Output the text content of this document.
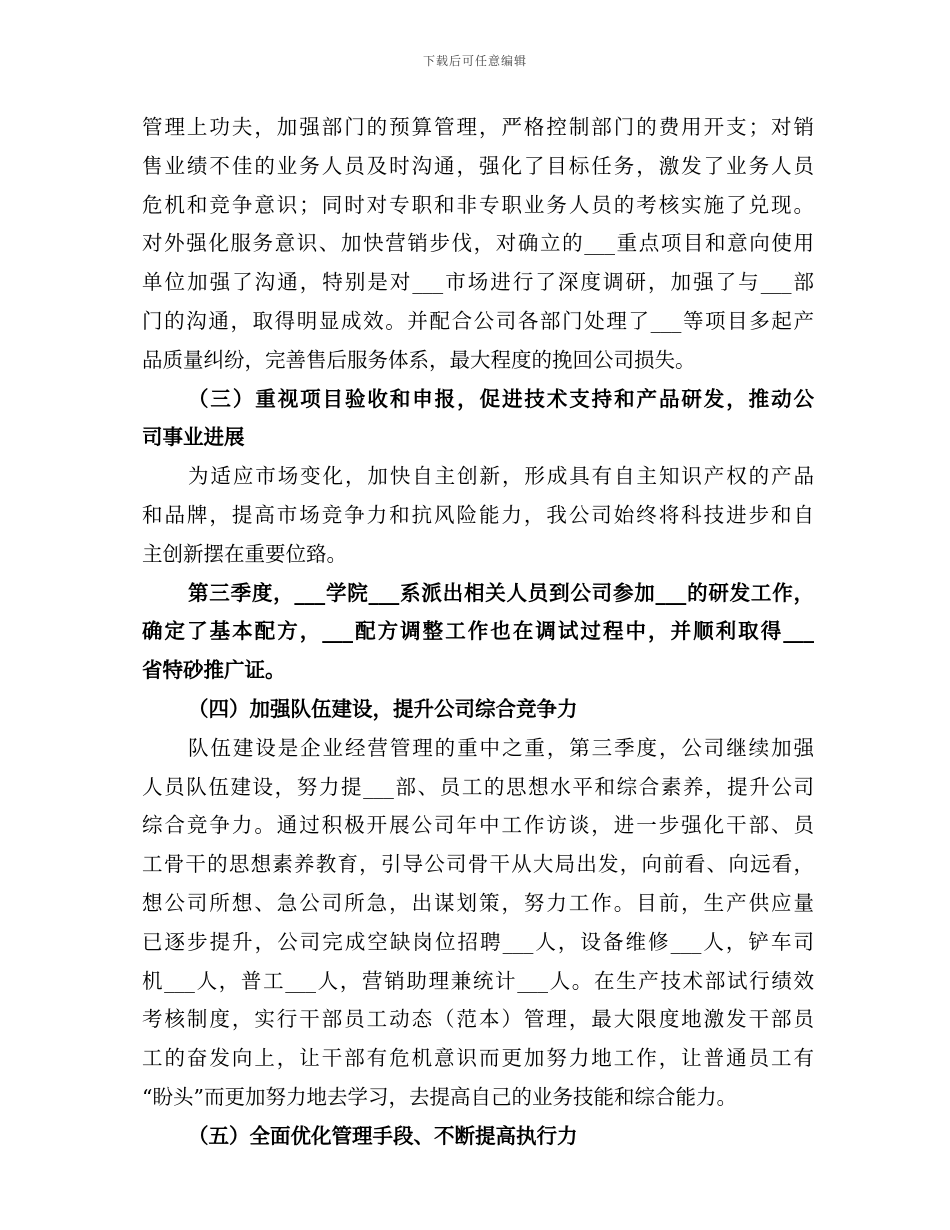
下载后可任意编辑
管理上功夫，加强部门的预算管理，严格控制部门的费用开支；对销
售业绩不佳的业务人员及时沟通，强化了目标任务，激发了业务人员
危机和竞争意识；同时对专职和非专职业务人员的考核实施了兑现。
对外强化服务意识、加快营销步伐，对确立的___重点项目和意向使用
单位加强了沟通，特别是对___市场进行了深度调研，加强了与___部
门的沟通，取得明显成效。并配合公司各部门处理了___等项目多起产
品质量纠纷，完善售后服务体系，最大程度的挽回公司损失。
（三）重视项目验收和申报，促进技术支持和产品研发，推动公
司事业进展
为适应市场变化，加快自主创新，形成具有自主知识产权的产品
和品牌，提高市场竞争力和抗风险能力，我公司始终将科技进步和自
主创新摆在重要位臵。
第三季度，___学院___系派出相关人员到公司参加___的研发工作，
确定了基本配方，___配方调整工作也在调试过程中，并顺利取得___
省特砂推广证。
（四）加强队伍建设，提升公司综合竞争力
队伍建设是企业经营管理的重中之重，第三季度，公司继续加强
人员队伍建设，努力提___部、员工的思想水平和综合素养，提升公司
综合竞争力。通过积极开展公司年中工作访谈，进一步强化干部、员
工骨干的思想素养教育，引导公司骨干从大局出发，向前看、向远看，
想公司所想、急公司所急，出谋划策，努力工作。目前，生产供应量
已逐步提升，公司完成空缺岗位招聘___人，设备维修___人，铲车司
机___人，普工___人，营销助理兼统计___人。在生产技术部试行绩效
考核制度，实行干部员工动态（范本）管理，最大限度地激发干部员
工的奋发向上，让干部有危机意识而更加努力地工作，让普通员工有
“盼头”而更加努力地去学习，去提高自己的业务技能和综合能力。
（五）全面优化管理手段、不断提高执行力
